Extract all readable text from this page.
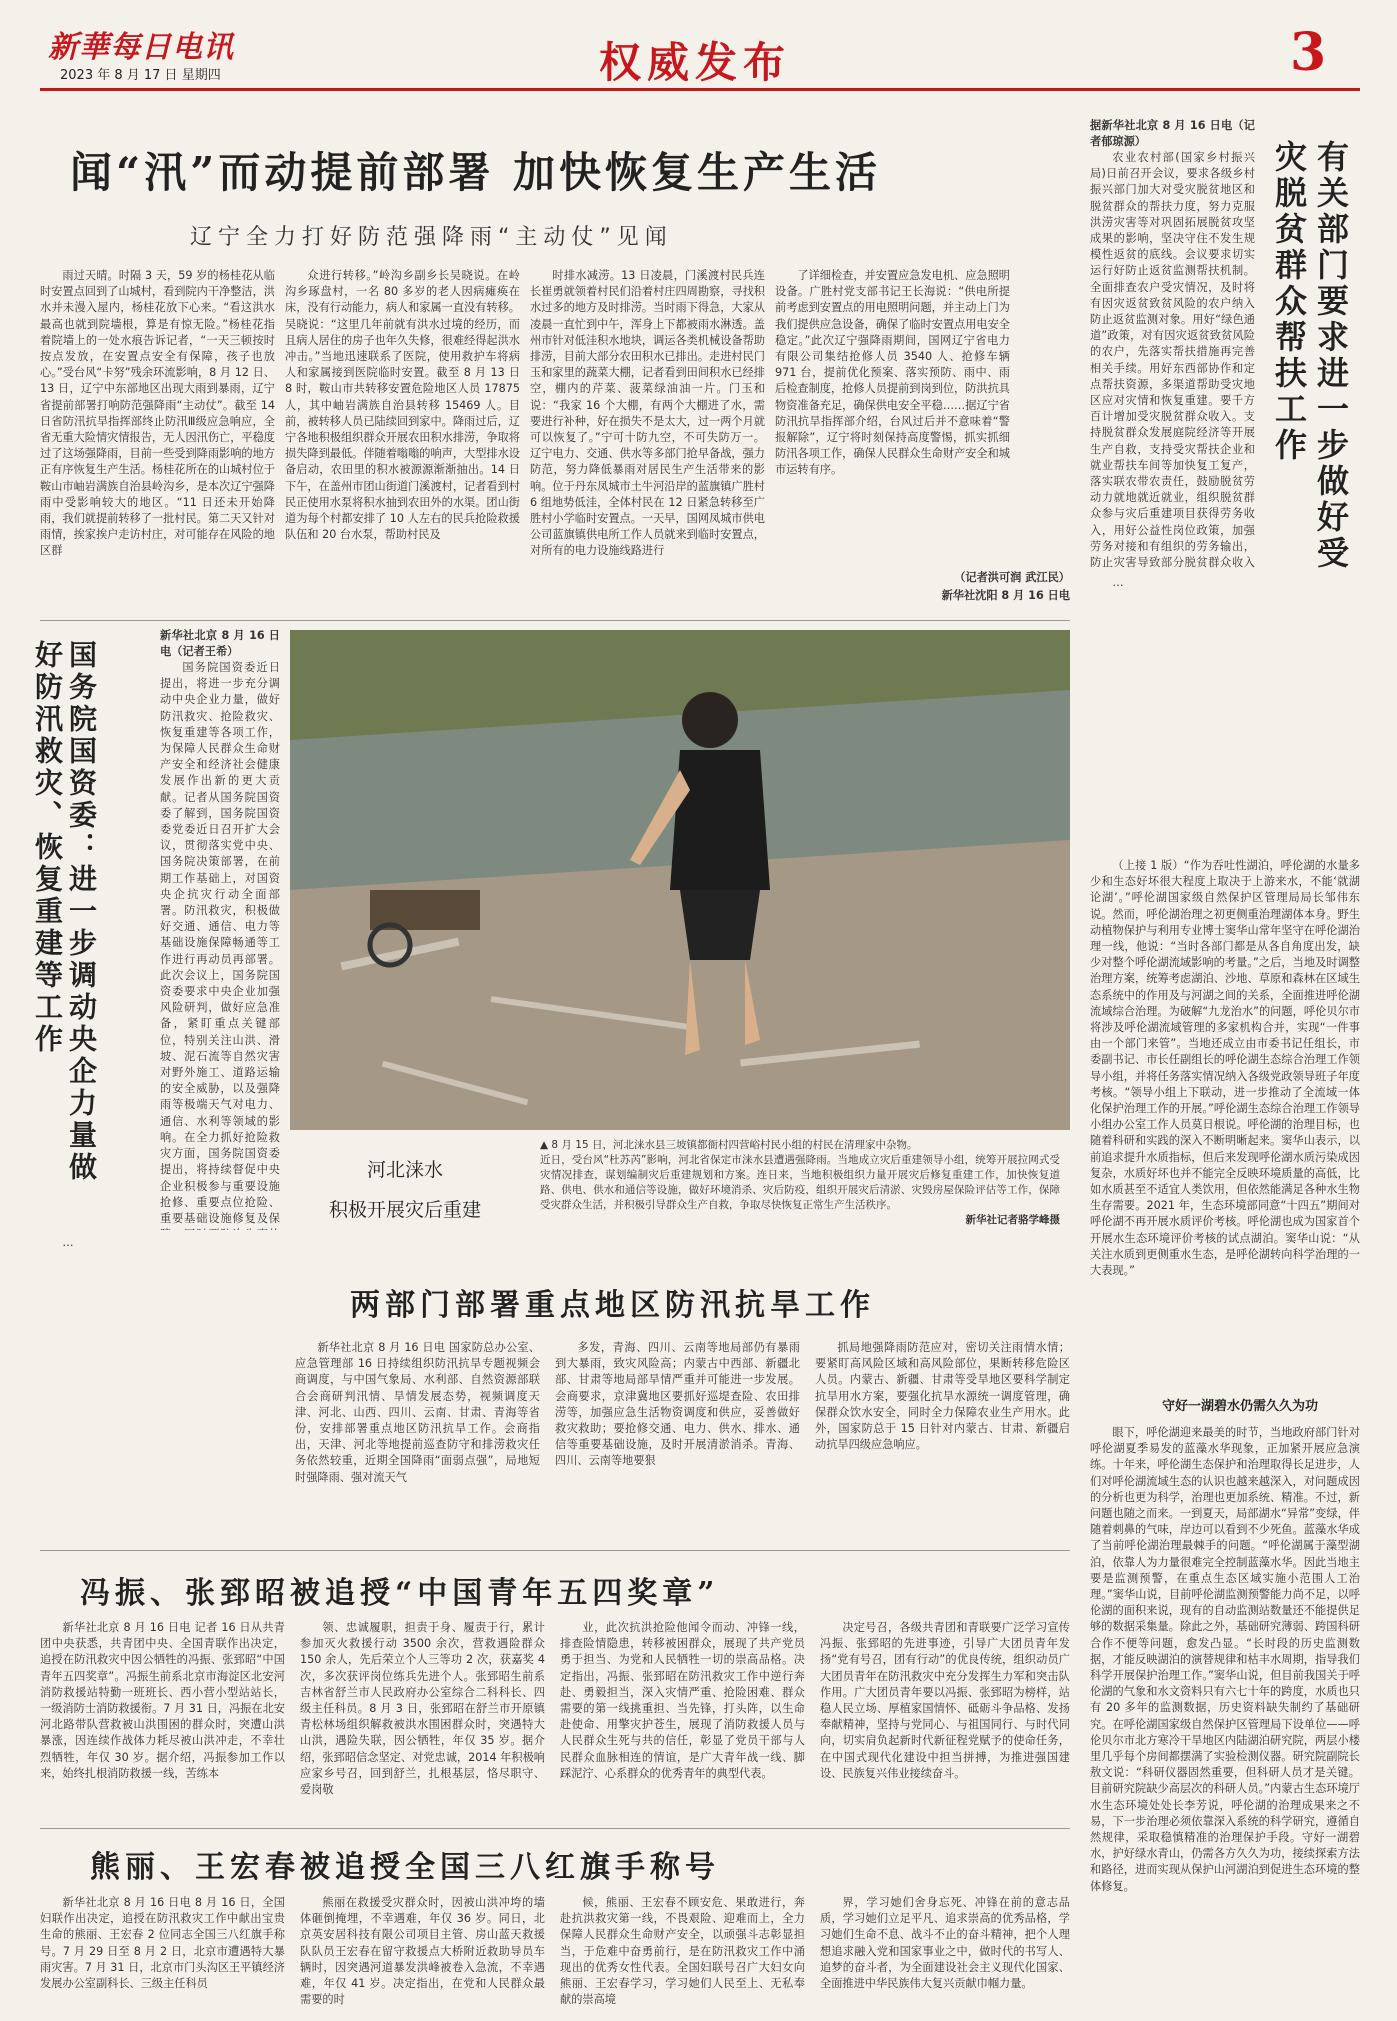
新華每日电讯
2023 年 8 月 17 日 星期四	权威发布	3
闻“汛”而动提前部署 加快恢复生产生活
辽宁全力打好防范强降雨“主动仗”见闻

雨过天晴。时隔 3 天，59 岁的杨桂花从临时安置点回到了山城村，看到院内干净整洁，洪水并未漫入屋内，杨桂花放下心来。“看这洪水最高也就到院墙根，算是有惊无险。”杨桂花指着院墙上的一处水痕告诉记者，“一天三顿按时按点发放，在安置点安全有保障，孩子也放心。”受台风“卡努”残余环流影响，8 月 12 日、13 日，辽宁中东部地区出现大雨到暴雨，辽宁省提前部署打响防范强降雨“主动仗”。截至 14 日省防汛抗旱指挥部终止防汛Ⅲ级应急响应，全省无重大险情灾情报告，无人因汛伤亡，平稳度过了这场强降雨，目前一些受到降雨影响的地方正有序恢复生产生活。杨桂花所在的山城村位于鞍山市岫岩满族自治县岭沟乡，是本次辽宁强降雨中受影响较大的地区。“11 日还未开始降雨，我们就提前转移了一批村民。第二天又针对雨情，挨家挨户走访村庄，对可能存在风险的地区群

众进行转移。”岭沟乡副乡长吴晓说。在岭沟乡琢盘村，一名 80 多岁的老人因病瘫痪在床，没有行动能力，病人和家属一直没有转移。吴晓说：“这里几年前就有洪水过境的经历，而且病人居住的房子也年久失修，很难经得起洪水冲击。”当地迅速联系了医院，使用救护车将病人和家属接到医院临时安置。截至 8 月 13 日 8 时，鞍山市共转移安置危险地区人员 17875 人，其中岫岩满族自治县转移 15469 人。目前，被转移人员已陆续回到家中。降雨过后，辽宁各地积极组织群众开展农田积水排涝，争取将损失降到最低。伴随着嗡嗡的响声，大型排水设备启动，农田里的积水被源源渐渐抽出。14 日下午，在盖州市团山街道门溪渡村，记者看到村民正使用水泵将积水抽到农田外的水渠。团山街道为每个村都安排了 10 人左右的民兵抢险救援队伍和 20 台水泵，帮助村民及

时排水减涝。13 日凌晨，门溪渡村民兵连长崔勇就领着村民们沿着村庄四周勘察，寻找积水过多的地方及时排涝。当时雨下得急，大家从凌晨一直忙到中午，浑身上下都被雨水淋透。盖州市针对低洼积水地块，调运各类机械设备帮助排涝，目前大部分农田积水已排出。走进村民门玉和家里的蔬菜大棚，记者看到田间积水已经排空，棚内的芹菜、菠菜绿油油一片。门玉和说：“我家 16 个大棚，有两个大棚进了水，需要进行补种，好在损失不是太大，过一两个月就可以恢复了。”宁可十防九空，不可失防万一。辽宁电力、交通、供水等多部门抢早备战，强力防范，努力降低暴雨对居民生产生活带来的影响。位于丹东凤城市土牛河沿岸的蓝旗镇广胜村 6 组地势低洼，全体村民在 12 日紧急转移至广胜村小学临时安置点。一天早，国网凤城市供电公司蓝旗镇供电所工作人员就来到临时安置点，对所有的电力设施线路进行

了详细检查，并安置应急发电机、应急照明设备。广胜村党支部书记王长海说：“供电所提前考虑到安置点的用电照明问题，并主动上门为我们提供应急设备，确保了临时安置点用电安全稳定。”此次辽宁强降雨期间，国网辽宁省电力有限公司集结抢修人员 3540 人、抢修车辆 971 台，提前优化预案、落实预防、雨中、雨后检查制度，抢修人员提前到岗到位，防洪抗具物资准备充足，确保供电安全平稳……据辽宁省防汛抗旱指挥部介绍，台风过后并不意味着“警报解除”，辽宁将时刻保持高度警惕，抓实抓细防汛各项工作，确保人民群众生命财产安全和城市运转有序。

（记者洪可润 武江民）
新华社沈阳 8 月 16 日电
有关部门要求进一步做好受灾脱贫群众帮扶工作
据新华社北京 8 月 16 日电（记者郁琼源）

农业农村部(国家乡村振兴局)日前召开会议，要求各级乡村振兴部门加大对受灾脱贫地区和脱贫群众的帮扶力度，努力克服洪涝灾害等对巩固拓展脱贫攻坚成果的影响，坚决守住不发生规模性返贫的底线。会议要求切实运行好防止返贫监测帮扶机制。全面排查农户受灾情况，及时将有因灾返贫致贫风险的农户纳入防止返贫监测对象。用好“绿色通道”政策，对有因灾返贫致贫风险的农户，先落实帮扶措施再完善相关手续。用好东西部协作和定点帮扶资源，多渠道帮助受灾地区应对灾情和恢复重建。要千方百计增加受灾脱贫群众收入。支持脱贫群众发展庭院经济等开展生产自救，支持受灾帮扶企业和就业帮扶车间等加快复工复产，落实联农带农责任，鼓励脱贫劳动力就地就近就业，组织脱贫群众参与灾后重建项目获得劳务收入，用好公益性岗位政策，加强劳务对接和有组织的劳务输出，防止灾害导致部分脱贫群众收入

…

国务院国资委：进一步调动央企力量做好防汛救灾、恢复重建等工作
新华社北京 8 月 16 日电（记者王希）

国务院国资委近日提出，将进一步充分调动中央企业力量，做好防汛救灾、抢险救灾、恢复重建等各项工作，为保障人民群众生命财产安全和经济社会健康发展作出新的更大贡献。记者从国务院国资委了解到，国务院国资委党委近日召开扩大会议，贯彻落实党中央、国务院决策部署，在前期工作基础上，对国资央企抗灾行动全面部署。防汛救灾，积极做好交通、通信、电力等基础设施保障畅通等工作进行再动员再部署。此次会议上，国务院国资委要求中央企业加强风险研判，做好应急准备，紧盯重点关键部位，特别关注山洪、滑坡、泥石流等自然灾害对野外施工、道路运输的安全威胁，以及强降雨等极端天气对电力、通信、水利等领域的影响。在全力抓好抢险救灾方面，国务院国资委提出，将持续督促中央企业积极参与重要设施抢修、重要点位抢险、重要基础设施修复及保

…

河北涞水
积极开展灾后重建
▲ 8 月 15 日，河北涞水县三坡镇都衙村四营峪村民小组的村民在清理家中杂物。
近日，受台风“杜苏芮”影响，河北省保定市涞水县遭遇强降雨。当地成立灾后重建领导小组，统筹开展拉网式受灾情况排查，谋划编制灾后重建规划和方案。连日来，当地积极组织力量开展灾后修复重建工作，加快恢复道路、供电、供水和通信等设施，做好环境消杀、灾后防疫，组织开展灾后清淤、灾毁房屋保险评估等工作，保障受灾群众生活，并积极引导群众生产自救，争取尽快恢复正常生产生活秩序。
新华社记者骆学峰摄
两部门部署重点地区防汛抗旱工作

新华社北京 8 月 16 日电 国家防总办公室、应急管理部 16 日持续组织防汛抗旱专题视频会商调度，与中国气象局、水利部、自然资源部联合会商研判汛情、旱情发展态势，视频调度天津、河北、山西、四川、云南、甘肃、青海等省份，安排部署重点地区防汛抗旱工作。会商指出，天津、河北等地提前巡查防守和排涝救灾任务依然较重，近期全国降雨“面弱点强”，局地短时强降雨、强对流天气

多发，青海、四川、云南等地局部仍有暴雨到大暴雨，致灾风险高；内蒙古中西部、新疆北部、甘肃等地局部旱情严重并可能进一步发展。会商要求，京津冀地区要抓好巡堤查险、农田排涝等，加强应急生活物资调度和供应，妥善做好救灾救助；要抢修交通、电力、供水、排水、通信等重要基础设施，及时开展清淤消杀。青海、四川、云南等地要狠

抓局地强降雨防范应对，密切关注雨情水情；要紧盯高风险区域和高风险部位，果断转移危险区人员。内蒙古、新疆、甘肃等受旱地区要科学制定抗旱用水方案，要强化抗旱水源统一调度管理，确保群众饮水安全，同时全力保障农业生产用水。此外，国家防总于 15 日针对内蒙古、甘肃、新疆启动抗旱四级应急响应。

（上接 1 版）“作为吞吐性湖泊，呼伦湖的水量多少和生态好坏很大程度上取决于上游来水，不能‘就湖论湖’。”呼伦湖国家级自然保护区管理局局长邹伟东说。然而，呼伦湖治理之初更侧重治理湖体本身。野生动植物保护与利用专业博士窦华山常年坚守在呼伦湖治理一线，他说：“当时各部门都是从各自角度出发，缺少对整个呼伦湖流域影响的考量。”之后，当地及时调整治理方案，统筹考虑湖泊、沙地、草原和森林在区域生态系统中的作用及与河湖之间的关系，全面推进呼伦湖流域综合治理。为破解“九龙治水”的问题，呼伦贝尔市将涉及呼伦湖流域管理的多家机构合并，实现“一件事由一个部门来管”。当地还成立由市委书记任组长，市委副书记、市长任副组长的呼伦湖生态综合治理工作领导小组，并将任务落实情况纳入各级党政领导班子年度考核。“领导小组上下联动，进一步推动了全流域一体化保护治理工作的开展。”呼伦湖生态综合治理工作领导小组办公室工作人员莫日根说。呼伦湖的治理目标，也随着科研和实践的深入不断明晰起来。窦华山表示，以前追求提升水质指标，但后来发现呼伦湖水质污染成因复杂，水质好坏也并不能完全反映环境质量的高低，比如水质甚至不适宜人类饮用，但依然能满足各种水生物生存需要。2021 年，生态环境部同意“十四五”期间对呼伦湖不再开展水质评价考核。呼伦湖也成为国家首个开展水生态环境评价考核的试点湖泊。窦华山说：“从关注水质到更侧重水生态，是呼伦湖转向科学治理的一大表现。”

守好一湖碧水仍需久久为功

眼下，呼伦湖迎来最美的时节，当地政府部门针对呼伦湖夏季易发的蓝藻水华现象，正加紧开展应急演练。十年来，呼伦湖生态保护和治理取得长足进步，人们对呼伦湖流域生态的认识也越来越深入，对问题成因的分析也更为科学，治理也更加系统、精准。不过，新问题也随之而来。一到夏天，局部湖水“异常”变绿，伴随着刺鼻的气味，岸边可以看到不少死鱼。蓝藻水华成了当前呼伦湖治理最棘手的问题。“呼伦湖属于藻型湖泊，依靠人为力量很难完全控制蓝藻水华。因此当地主要是监测预警，在重点生态区域实施小范围人工治理。”窦华山说，目前呼伦湖监测预警能力尚不足，以呼伦湖的面积来说，现有的自动监测站数量还不能提供足够的数据采集量。除此之外，基础研究薄弱、跨国科研合作不便等问题，愈发凸显。“长时段的历史监测数据，才能反映湖泊的演替规律和枯丰水周期，指导我们科学开展保护治理工作。”窦华山说，但目前我国关于呼伦湖的气象和水文资料只有六七十年的跨度，水质也只有 20 多年的监测数据，历史资料缺失制约了基础研究。在呼伦湖国家级自然保护区管理局下设单位——呼伦贝尔市北方寒冷干旱地区内陆湖泊研究院，两层小楼里几乎每个房间都摆满了实验检测仪器。研究院副院长敖文说：“科研仪器固然重要，但科研人员才是关键。目前研究院缺少高层次的科研人员。”内蒙古生态环境厅水生态环境处处长李芳说，呼伦湖的治理成果来之不易，下一步治理必须依靠深入系统的科学研究，遵循自然规律，采取稳慎精准的治理保护手段。守好一湖碧水，护好绿水青山，仍需各方久久为功，接续探索方法和路径，进而实现从保护山河湖泊到促进生态环境的整体修复。

冯振、张郅昭被追授“中国青年五四奖章”

新华社北京 8 月 16 日电 记者 16 日从共青团中央获悉，共青团中央、全国青联作出决定，追授在防汛救灾中因公牺牲的冯振、张郅昭“中国青年五四奖章”。冯振生前系北京市海淀区北安河消防救援站特勤一班班长、西小营小型站站长，一级消防士消防救援衔。7 月 31 日，冯振在北安河北路带队营救被山洪围困的群众时，突遭山洪暴涨，因连续作战体力耗尽被山洪冲走，不幸壮烈牺牲，年仅 30 岁。据介绍，冯振参加工作以来，始终扎根消防救援一线，苦练本

领、忠诚履职，担责于身、履责于行，累计参加灭火救援行动 3500 余次，营救遇险群众 150 余人，先后荣立个人三等功 2 次，获嘉奖 4 次，多次获评岗位练兵先进个人。张郅昭生前系吉林省舒兰市人民政府办公室综合二科科长、四级主任科员。8 月 3 日，张郅昭在舒兰市开原镇青松林场组织解救被洪水围困群众时，突遇特大山洪，遇险失联，因公牺牲，年仅 35 岁。据介绍，张郅昭信念坚定、对党忠诚，2014 年积极响应家乡号召，回到舒兰，扎根基层，恪尽职守、爱岗敬

业，此次抗洪抢险他闻令而动、冲锋一线，排查险情隐患，转移被困群众，展现了共产党员勇于担当、为党和人民牺牲一切的崇高品格。决定指出，冯振、张郅昭在防汛救灾工作中逆行奔赴、勇毅担当，深入灾情严重、抢险困难、群众需要的第一线挑重担、当先锋，打头阵，以生命赴使命、用擎灾护苍生，展现了消防救援人员与人民群众生死与共的信任，彰显了党员干部与人民群众血脉相连的情谊，是广大青年战一线、脚踩泥泞、心系群众的优秀青年的典型代表。

决定号召，各级共青团和青联要广泛学习宣传冯振、张郅昭的先进事迹，引导广大团员青年发扬“党有号召，团有行动”的优良传统，组织动员广大团员青年在防汛救灾中充分发挥生力军和突击队作用。广大团员青年要以冯振、张郅昭为榜样，站稳人民立场、厚植家国情怀、砥砺斗争品格、发扬奉献精神，坚持与党同心、与祖国同行、与时代同向，切实肩负起新时代新征程党赋予的使命任务，在中国式现代化建设中担当拼搏，为推进强国建设、民族复兴伟业接续奋斗。

熊丽、王宏春被追授全国三八红旗手称号

新华社北京 8 月 16 日电 8 月 16 日，全国妇联作出决定，追授在防汛救灾工作中献出宝贵生命的熊丽、王宏春 2 位同志全国三八红旗手称号。7 月 29 日至 8 月 2 日，北京市遭遇特大暴雨灾害。7 月 31 日，北京市门头沟区王平镇经济发展办公室副科长、三级主任科员

熊丽在救援受灾群众时，因被山洪冲垮的墙体砸倒掩埋，不幸遇难，年仅 36 岁。同日，北京英安居科技有限公司项目主管、房山蓝天救援队队员王宏春在留守救援点大桥附近救助导员车辆时，因突遇河道暴发洪峰被卷入急流，不幸遇难，年仅 41 岁。决定指出，在党和人民群众最需要的时

候，熊丽、王宏春不顾安危、果敢进行，奔赴抗洪救灾第一线，不畏艰险、迎难而上，全力保障人民群众生命财产安全，以顽强斗志彰显担当，于危难中奋勇前行，是在防汛救灾工作中涌现出的优秀女性代表。全国妇联号召广大妇女向熊丽、王宏春学习，学习她们人民至上、无私奉献的崇高境

界，学习她们舍身忘死、冲锋在前的意志品质，学习她们立足平凡、追求崇高的优秀品格，学习她们生命不息、战斗不止的奋斗精神，把个人理想追求融入党和国家事业之中，做时代的书写人、追梦的奋斗者，为全面建设社会主义现代化国家、全面推进中华民族伟大复兴贡献巾帼力量。
